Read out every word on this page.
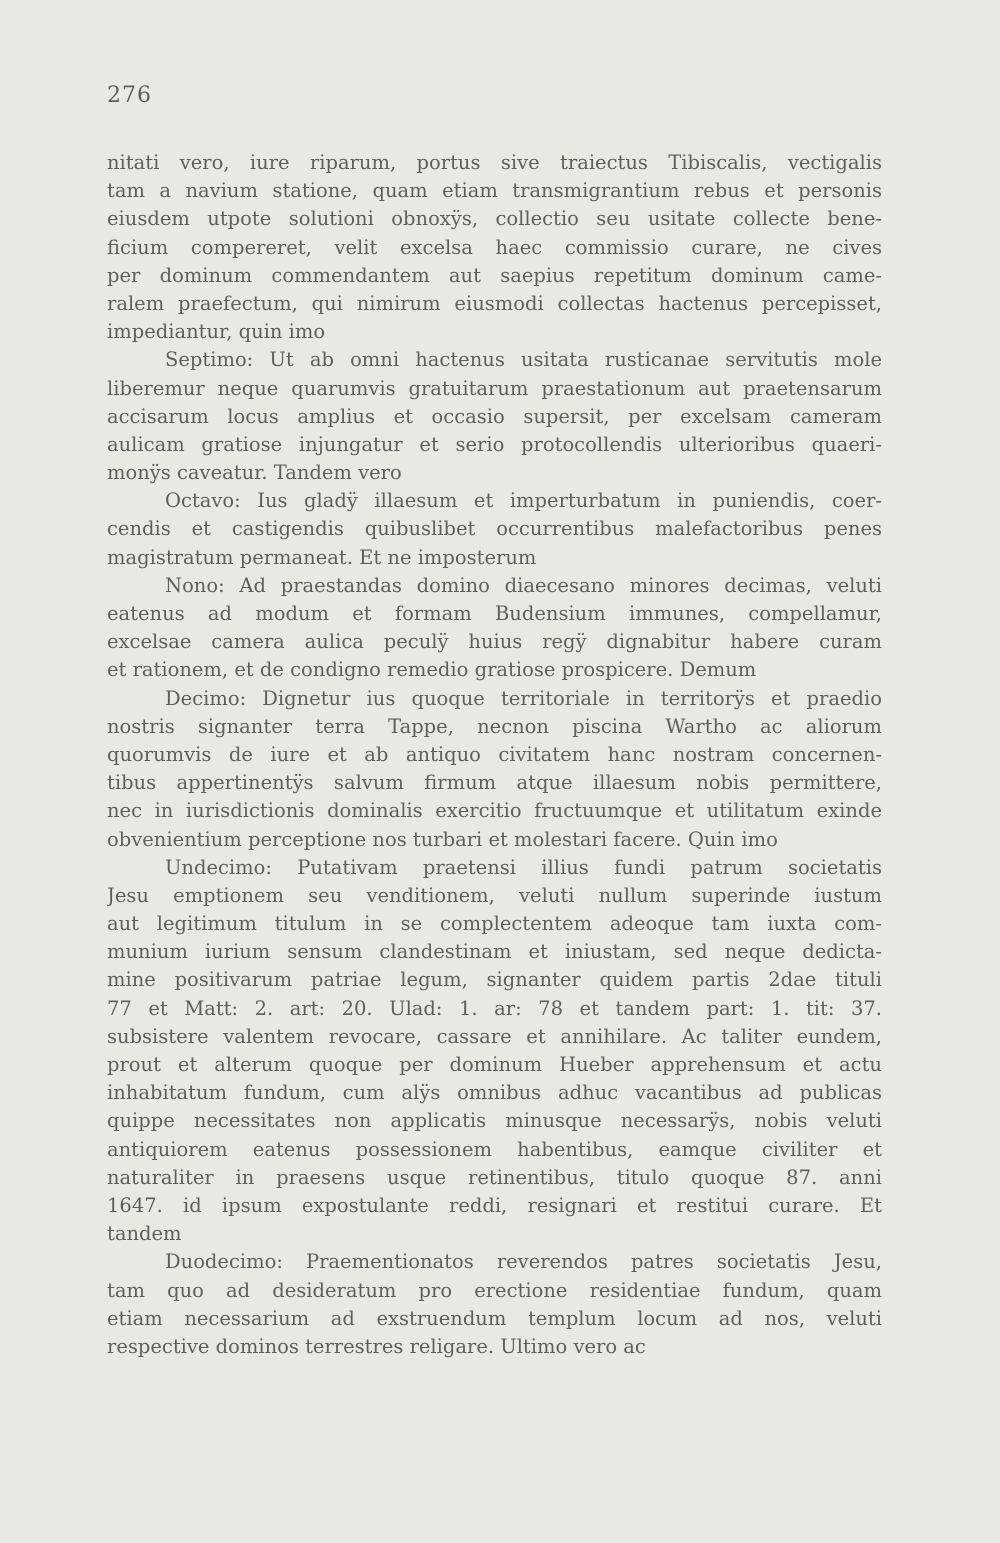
276
nitati vero, iure riparum, portus sive traiectus Tibiscalis, vectigalis
tam a navium statione, quam etiam transmigrantium rebus et personis
eiusdem utpote solutioni obnoxÿs, collectio seu usitate collecte bene-
ficium compereret, velit excelsa haec commissio curare, ne cives
per dominum commendantem aut saepius repetitum dominum came-
ralem praefectum, qui nimirum eiusmodi collectas hactenus percepisset,
impediantur, quin imo
Septimo: Ut ab omni hactenus usitata rusticanae servitutis mole
liberemur neque quarumvis gratuitarum praestationum aut praetensarum
accisarum locus amplius et occasio supersit, per excelsam cameram
aulicam gratiose injungatur et serio protocollendis ulterioribus quaeri-
monÿs caveatur. Tandem vero
Octavo: Ius gladÿ illaesum et imperturbatum in puniendis, coer-
cendis et castigendis quibuslibet occurrentibus malefactoribus penes
magistratum permaneat. Et ne imposterum
Nono: Ad praestandas domino diaecesano minores decimas, veluti
eatenus ad modum et formam Budensium immunes, compellamur,
excelsae camera aulica peculÿ huius regÿ dignabitur habere curam
et rationem, et de condigno remedio gratiose prospicere. Demum
Decimo: Dignetur ius quoque territoriale in territorÿs et praedio
nostris signanter terra Tappe, necnon piscina Wartho ac aliorum
quorumvis de iure et ab antiquo civitatem hanc nostram concernen-
tibus appertinentÿs salvum firmum atque illaesum nobis permittere,
nec in iurisdictionis dominalis exercitio fructuumque et utilitatum exinde
obvenientium perceptione nos turbari et molestari facere. Quin imo
Undecimo: Putativam praetensi illius fundi patrum societatis
Jesu emptionem seu venditionem, veluti nullum superinde iustum
aut legitimum titulum in se complectentem adeoque tam iuxta com-
munium iurium sensum clandestinam et iniustam, sed neque dedicta-
mine positivarum patriae legum, signanter quidem partis 2dae tituli
77 et Matt: 2. art: 20. Ulad: 1. ar: 78 et tandem part: 1. tit: 37.
subsistere valentem revocare, cassare et annihilare. Ac taliter eundem,
prout et alterum quoque per dominum Hueber apprehensum et actu
inhabitatum fundum, cum alÿs omnibus adhuc vacantibus ad publicas
quippe necessitates non applicatis minusque necessarÿs, nobis veluti
antiquiorem eatenus possessionem habentibus, eamque civiliter et
naturaliter in praesens usque retinentibus, titulo quoque 87. anni
1647. id ipsum expostulante reddi, resignari et restitui curare. Et
tandem
Duodecimo: Praementionatos reverendos patres societatis Jesu,
tam quo ad desideratum pro erectione residentiae fundum, quam
etiam necessarium ad exstruendum templum locum ad nos, veluti
respective dominos terrestres religare. Ultimo vero ac
